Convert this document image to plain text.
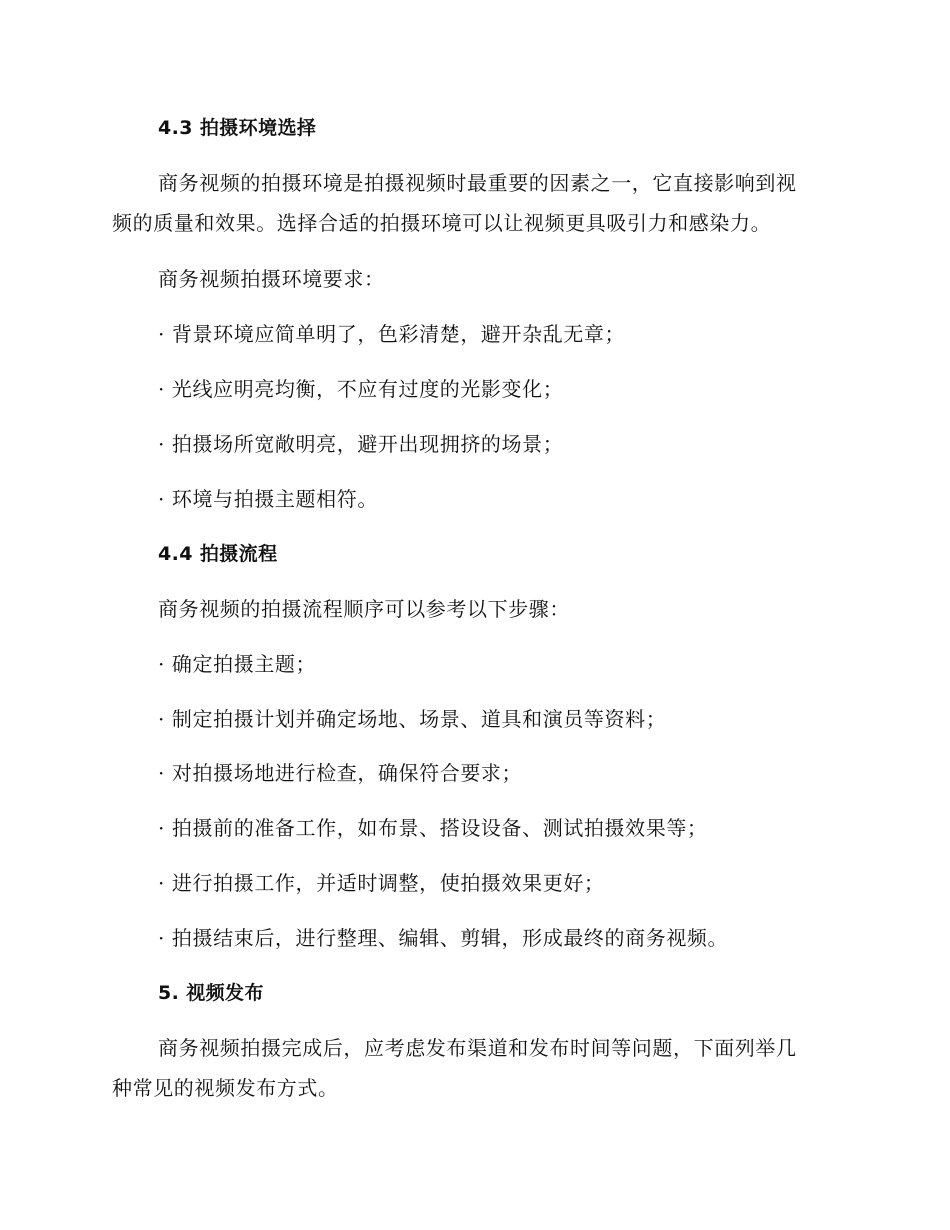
4.3 拍摄环境选择
商务视频的拍摄环境是拍摄视频时最重要的因素之一，它直接影响到视
频的质量和效果。选择合适的拍摄环境可以让视频更具吸引力和感染力。
商务视频拍摄环境要求：
· 背景环境应简单明了，色彩清楚，避开杂乱无章；
· 光线应明亮均衡，不应有过度的光影变化；
· 拍摄场所宽敞明亮，避开出现拥挤的场景；
· 环境与拍摄主题相符。
4.4 拍摄流程
商务视频的拍摄流程顺序可以参考以下步骤：
· 确定拍摄主题；
· 制定拍摄计划并确定场地、场景、道具和演员等资料；
· 对拍摄场地进行检查，确保符合要求；
· 拍摄前的准备工作，如布景、搭设设备、测试拍摄效果等；
· 进行拍摄工作，并适时调整，使拍摄效果更好；
· 拍摄结束后，进行整理、编辑、剪辑，形成最终的商务视频。
5. 视频发布
商务视频拍摄完成后，应考虑发布渠道和发布时间等问题，下面列举几
种常见的视频发布方式。
